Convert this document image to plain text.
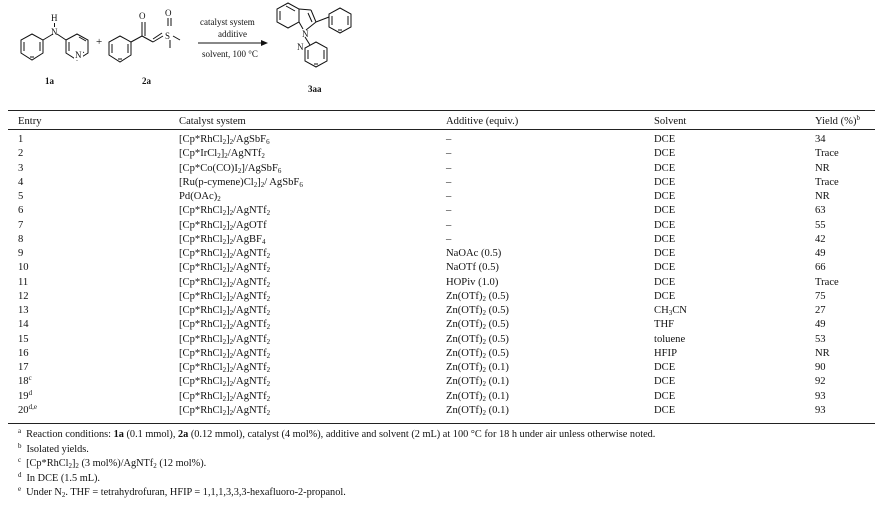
H
N
N
+
O O
S
catalyst system
additive
solvent, 100 °C
N
N
1a	2a
3aa
Entry	Catalyst system	Additive (equiv.)	Solvent	Yield (%)$^b$
1	$[Cp*RhCl_2]_2/AgSbF_6$	–	DCE	34
2	$[Cp*IrCl_2]_2/AgNTf_2$	–	DCE	Trace
3	$[Cp*Co(CO)I_2]/AgSbF_6$	–	DCE	NR
4	$[Ru(p-cymene)Cl_2]_2/$ AgSbF$_6$	–	DCE	Trace
5	$Pd(OAc)_2$	–	DCE	NR
6	$[Cp*RhCl_2]_2/AgNTf_2$	–	DCE	63
7	$[Cp*RhCl_2]_2$/AgOTf	–	DCE	55
8	$[Cp*RhCl_2]_2/AgBF_4$	–	DCE	42
9	$[Cp*RhCl_2]_2/AgNTf_2$	NaOAc (0.5)	DCE	49
10	$[Cp*RhCl_2]_2/AgNTf_2$	NaOTf (0.5)	DCE	66
11	$[Cp*RhCl_2]_2/AgNTf_2$	HOPiv (1.0)	DCE	Trace
12	$[Cp*RhCl_2]_2/AgNTf_2$	$Zn(OTf)_2$ (0.5)	DCE	75
13	$[Cp*RhCl_2]_2/AgNTf_2$	$Zn(OTf)_2$ (0.5)	$CH_3CN$	27
14	$[Cp*RhCl_2]_2/AgNTf_2$	$Zn(OTf)_2$ (0.5)	THF	49
15	$[Cp*RhCl_2]_2/AgNTf_2$	$Zn(OTf)_2$ (0.5)	toluene	53
16	$[Cp*RhCl_2]_2/AgNTf_2$	$Zn(OTf)_2$ (0.5)	HFIP	NR
17	$[Cp*RhCl_2]_2/AgNTf_2$	$Zn(OTf)_2$ (0.1)	DCE	90
18$^c$	$[Cp*RhCl_2]_2/AgNTf_2$	$Zn(OTf)_2$ (0.1)	DCE	92
19$^d$	$[Cp*RhCl_2]_2/AgNTf_2$	$Zn(OTf)_2$ (0.1)	DCE	93
20$^{d,e}$	$[Cp*RhCl_2]_2/AgNTf_2$	$Zn(OTf)_2$ (0.1)	DCE	93
$^a$ Reaction conditions: 1a (0.1 mmol), 2a (0.12 mmol), catalyst (4 mol%), additive and solvent (2 mL) at 100 °C for 18 h under air unless otherwise noted.
$^b$ Isolated yields.
$^c$ $[Cp*RhCl_2]_2$ (3 mol%)/AgNTf$_2$ (12 mol%).
$^d$ In DCE (1.5 mL).
$^e$ Under $N_2$. THF = tetrahydrofuran, HFIP = 1,1,1,3,3,3-hexafluoro-2-propanol.
